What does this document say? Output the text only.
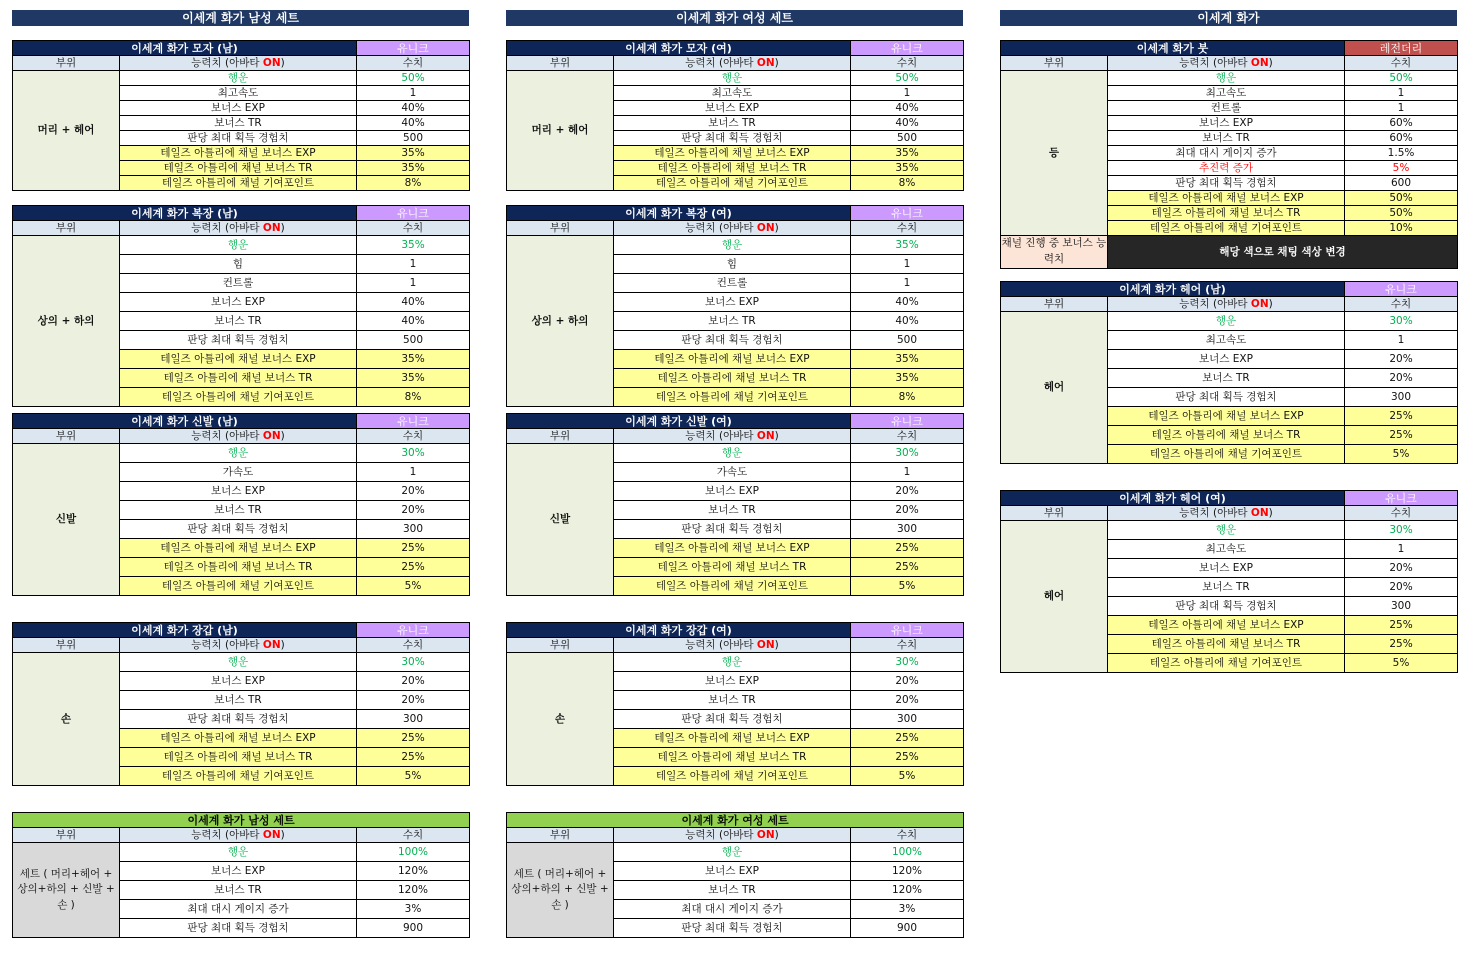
이세계 화가 남성 세트	이세계 화가 여성 세트	이세계 화가
이세계 화가 모자 (남)		유니크
부위	능력치 (아바타 ON)	수치
머리 + 헤어	행운	50%
	최고속도	1
	보너스 EXP	40%
	보너스 TR	40%
	판당 최대 획득 경험치	500
	테일즈 아틀리에 채널 보너스 EXP	35%
	테일즈 아틀리에 채널 보너스 TR	35%
	테일즈 아틀리에 채널 기여포인트	8%
이세계 화가 모자 (여)		유니크
부위	능력치 (아바타 ON)	수치
머리 + 헤어	행운	50%
	최고속도	1
	보너스 EXP	40%
	보너스 TR	40%
	판당 최대 획득 경험치	500
	테일즈 아틀리에 채널 보너스 EXP	35%
	테일즈 아틀리에 채널 보너스 TR	35%
	테일즈 아틀리에 채널 기여포인트	8%
이세계 화가 복장 (남)		유니크
부위	능력치 (아바타 ON)	수치
상의 + 하의	행운	35%
	힘	1
	컨트롤	1
	보너스 EXP	40%
	보너스 TR	40%
	판당 최대 획득 경험치	500
	테일즈 아틀리에 채널 보너스 EXP	35%
	테일즈 아틀리에 채널 보너스 TR	35%
	테일즈 아틀리에 채널 기여포인트	8%
이세계 화가 복장 (여)		유니크
부위	능력치 (아바타 ON)	수치
상의 + 하의	행운	35%
	힘	1
	컨트롤	1
	보너스 EXP	40%
	보너스 TR	40%
	판당 최대 획득 경험치	500
	테일즈 아틀리에 채널 보너스 EXP	35%
	테일즈 아틀리에 채널 보너스 TR	35%
	테일즈 아틀리에 채널 기여포인트	8%
이세계 화가 신발 (남)		유니크
부위	능력치 (아바타 ON)	수치
신발	행운	30%
	가속도	1
	보너스 EXP	20%
	보너스 TR	20%
	판당 최대 획득 경험치	300
	테일즈 아틀리에 채널 보너스 EXP	25%
	테일즈 아틀리에 채널 보너스 TR	25%
	테일즈 아틀리에 채널 기여포인트	5%
이세계 화가 신발 (여)		유니크
부위	능력치 (아바타 ON)	수치
신발	행운	30%
	가속도	1
	보너스 EXP	20%
	보너스 TR	20%
	판당 최대 획득 경험치	300
	테일즈 아틀리에 채널 보너스 EXP	25%
	테일즈 아틀리에 채널 보너스 TR	25%
	테일즈 아틀리에 채널 기여포인트	5%
이세계 화가 장갑 (남)		유니크
부위	능력치 (아바타 ON)	수치
손	행운	30%
	보너스 EXP	20%
	보너스 TR	20%
	판당 최대 획득 경험치	300
	테일즈 아틀리에 채널 보너스 EXP	25%
	테일즈 아틀리에 채널 보너스 TR	25%
	테일즈 아틀리에 채널 기여포인트	5%
이세계 화가 장갑 (여)		유니크
부위	능력치 (아바타 ON)	수치
손	행운	30%
	보너스 EXP	20%
	보너스 TR	20%
	판당 최대 획득 경험치	300
	테일즈 아틀리에 채널 보너스 EXP	25%
	테일즈 아틀리에 채널 보너스 TR	25%
	테일즈 아틀리에 채널 기여포인트	5%
이세계 화가 남성 세트		
부위	능력치 (아바타 ON)	수치
세트 ( 머리+헤어 + 상의+하의 + 신발 + 손 )	행운	100%
	보너스 EXP	120%
	보너스 TR	120%
	최대 대시 게이지 증가	3%
	판당 최대 획득 경험치	900
이세계 화가 여성 세트		
부위	능력치 (아바타 ON)	수치
세트 ( 머리+헤어 + 상의+하의 + 신발 + 손 )	행운	100%
	보너스 EXP	120%
	보너스 TR	120%
	최대 대시 게이지 증가	3%
	판당 최대 획득 경험치	900
이세계 화가 붓		레전더리
부위	능력치 (아바타 ON)	수치
등	행운	50%
	최고속도	1
	컨트롤	1
	보너스 EXP	60%
	보너스 TR	60%
	최대 대시 게이지 증가	1.5%
	추진력 증가	5%
	판당 최대 획득 경험치	600
	테일즈 아틀리에 채널 보너스 EXP	50%
	테일즈 아틀리에 채널 보너스 TR	50%
	테일즈 아틀리에 채널 기여포인트	10%
채널 진행 중 보너스 능력치	해당 색으로 채팅 색상 변경	
이세계 화가 헤어 (남)		유니크
부위	능력치 (아바타 ON)	수치
헤어	행운	30%
	최고속도	1
	보너스 EXP	20%
	보너스 TR	20%
	판당 최대 획득 경험치	300
	테일즈 아틀리에 채널 보너스 EXP	25%
	테일즈 아틀리에 채널 보너스 TR	25%
	테일즈 아틀리에 채널 기여포인트	5%
이세계 화가 헤어 (여)		유니크
부위	능력치 (아바타 ON)	수치
헤어	행운	30%
	최고속도	1
	보너스 EXP	20%
	보너스 TR	20%
	판당 최대 획득 경험치	300
	테일즈 아틀리에 채널 보너스 EXP	25%
	테일즈 아틀리에 채널 보너스 TR	25%
	테일즈 아틀리에 채널 기여포인트	5%
